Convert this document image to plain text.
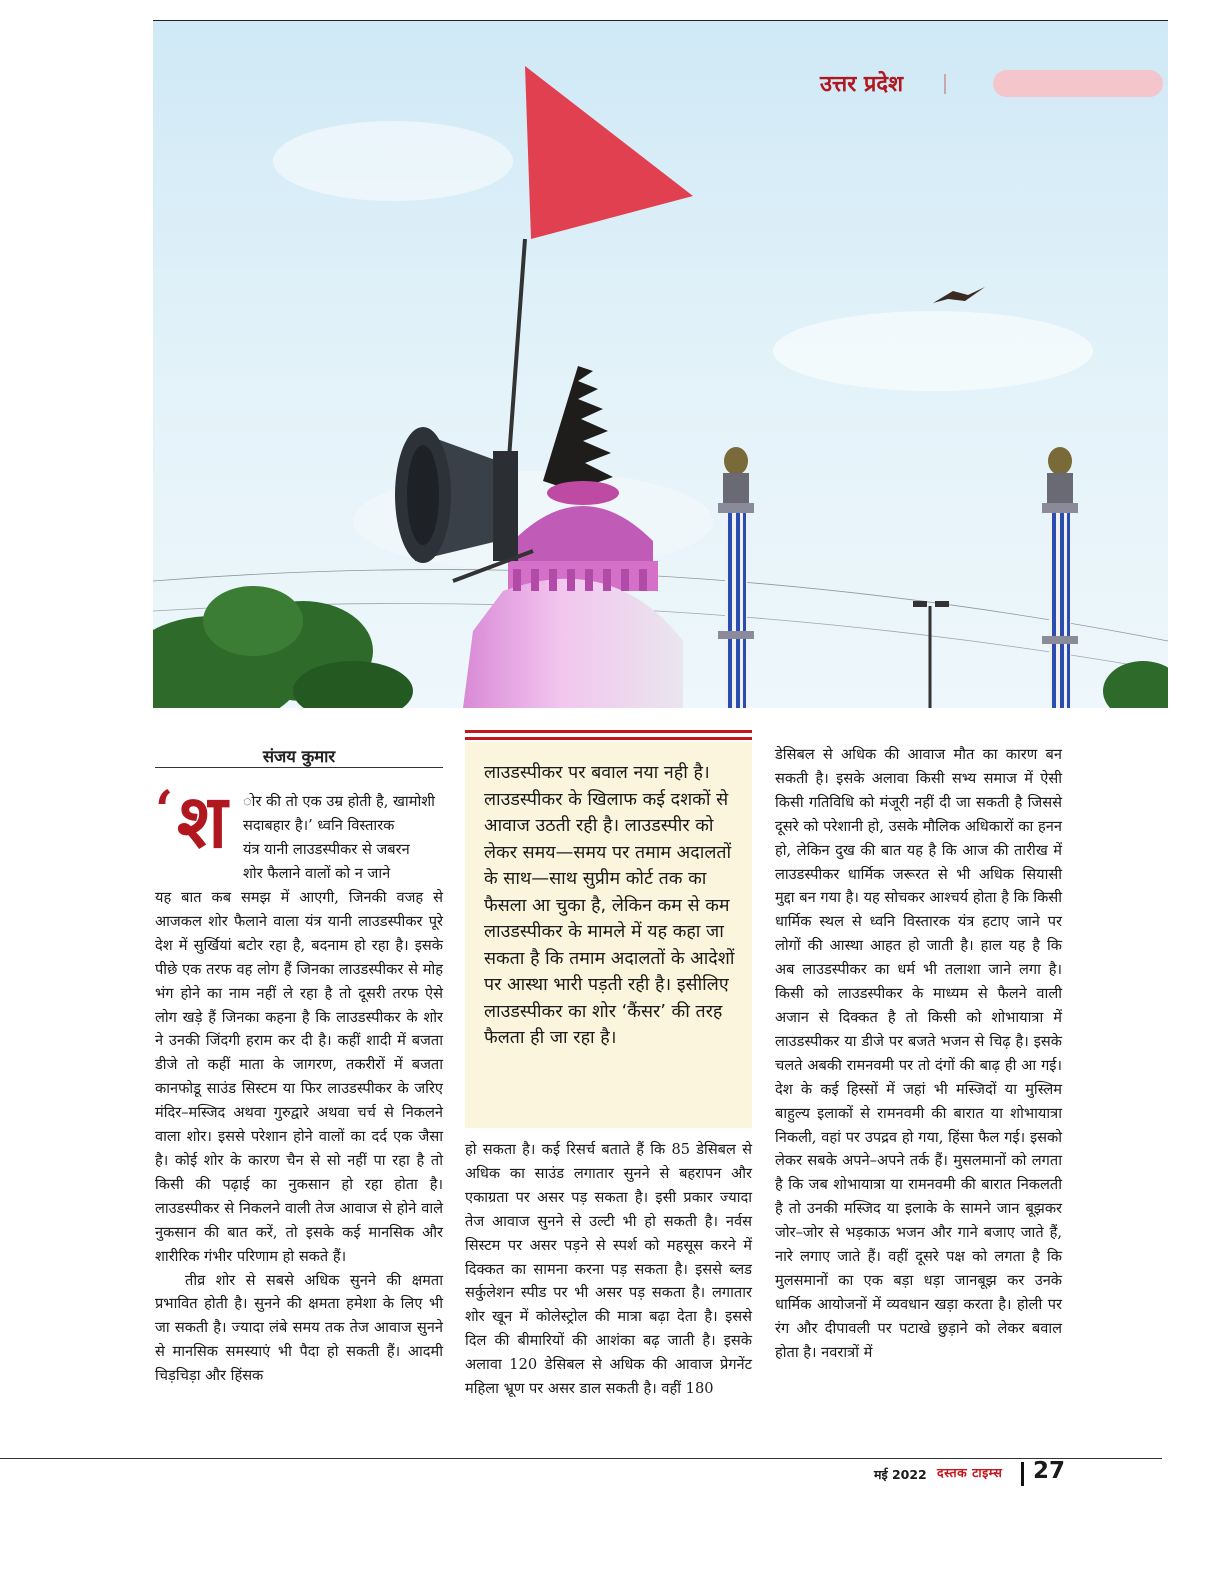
उत्तर प्रदेश
संजय कुमार
‘ श ोर की तो एक उम्र होती है, खामोशी

सदाबहार है।’ ध्वनि विस्तारक

यंत्र यानी लाउडस्पीकर से जबरन

शोर फैलाने वालों को न जाने

यह बात कब समझ में आएगी, जिनकी वजह से आजकल शोर फैलाने वाला यंत्र यानी लाउडस्पीकर पूरे देश में सुर्खियां बटोर रहा है, बदनाम हो रहा है। इसके पीछे एक तरफ वह लोग हैं जिनका लाउडस्पीकर से मोह भंग होने का नाम नहीं ले रहा है तो दूसरी तरफ ऐसे लोग खड़े हैं जिनका कहना है कि लाउडस्पीकर के शोर ने उनकी जिंदगी हराम कर दी है। कहीं शादी में बजता डीजे तो कहीं माता के जागरण, तकरीरों में बजता कानफोडू साउंड सिस्टम या फिर लाउडस्पीकर के जरिए मंदिर–मस्जिद अथवा गुरुद्वारे अथवा चर्च से निकलने वाला शोर। इससे परेशान होने वालों का दर्द एक जैसा है। कोई शोर के कारण चैन से सो नहीं पा रहा है तो किसी की पढ़ाई का नुकसान हो रहा होता है। लाउडस्पीकर से निकलने वाली तेज आवाज से होने वाले नुकसान की बात करें, तो इसके कई मानसिक और शारीरिक गंभीर परिणाम हो सकते हैं।

तीव्र शोर से सबसे अधिक सुनने की क्षमता प्रभावित होती है। सुनने की क्षमता हमेशा के लिए भी जा सकती है। ज्यादा लंबे समय तक तेज आवाज सुनने से मानसिक समस्याएं भी पैदा हो सकती हैं। आदमी चिड़चिड़ा और हिंसक

लाउडस्पीकर पर बवाल नया नही है। लाउडस्पीकर के खिलाफ कई दशकों से आवाज उठती रही है। लाउडस्पीर को लेकर समय—समय पर तमाम अदालतों के साथ—साथ सुप्रीम कोर्ट तक का फैसला आ चुका है, लेकिन कम से कम लाउडस्पीकर के मामले में यह कहा जा सकता है कि तमाम अदालतों के आदेशों पर आस्था भारी पड़ती रही है। इसीलिए लाउडस्पीकर का शोर ‘कैंसर’ की तरह फैलता ही जा रहा है।

हो सकता है। कई रिसर्च बताते हैं कि 85 डेसिबल से अधिक का साउंड लगातार सुनने से बहरापन और एकाग्रता पर असर पड़ सकता है। इसी प्रकार ज्यादा तेज आवाज सुनने से उल्टी भी हो सकती है। नर्वस सिस्टम पर असर पड़ने से स्पर्श को महसूस करने में दिक्कत का सामना करना पड़ सकता है। इससे ब्लड सर्कुलेशन स्पीड पर भी असर पड़ सकता है। लगातार शोर खून में कोलेस्ट्रोल की मात्रा बढ़ा देता है। इससे दिल की बीमारियों की आशंका बढ़ जाती है। इसके अलावा 120 डेसिबल से अधिक की आवाज प्रेगनेंट महिला भ्रूण पर असर डाल सकती है। वहीं 180

डेसिबल से अधिक की आवाज मौत का कारण बन सकती है। इसके अलावा किसी सभ्य समाज में ऐसी किसी गतिविधि को मंजूरी नहीं दी जा सकती है जिससे दूसरे को परेशानी हो, उसके मौलिक अधिकारों का हनन हो, लेकिन दुख की बात यह है कि आज की तारीख में लाउडस्पीकर धार्मिक जरूरत से भी अधिक सियासी मुद्दा बन गया है। यह सोचकर आश्चर्य होता है कि किसी धार्मिक स्थल से ध्वनि विस्तारक यंत्र हटाए जाने पर लोगों की आस्था आहत हो जाती है। हाल यह है कि अब लाउडस्पीकर का धर्म भी तलाशा जाने लगा है। किसी को लाउडस्पीकर के माध्यम से फैलने वाली अजान से दिक्कत है तो किसी को शोभायात्रा में लाउडस्पीकर या डीजे पर बजते भजन से चिढ़ है। इसके चलते अबकी रामनवमी पर तो दंगों की बाढ़ ही आ गई। देश के कई हिस्सों में जहां भी मस्जिदों या मुस्लिम बाहुल्य इलाकों से रामनवमी की बारात या शोभायात्रा निकली, वहां पर उपद्रव हो गया, हिंसा फैल गई। इसको लेकर सबके अपने–अपने तर्क हैं। मुसलमानों को लगता है कि जब शोभायात्रा या रामनवमी की बारात निकलती है तो उनकी मस्जिद या इलाके के सामने जान बूझकर जोर–जोर से भड़काऊ भजन और गाने बजाए जाते हैं, नारे लगाए जाते हैं। वहीं दूसरे पक्ष को लगता है कि मुलसमानों का एक बड़ा धड़ा जानबूझ कर उनके धार्मिक आयोजनों में व्यवधान खड़ा करता है। होली पर रंग और दीपावली पर पटाखे छुड़ाने को लेकर बवाल होता है। नवरात्रों में

मई 2022 दस्तक टाइम्स 27
